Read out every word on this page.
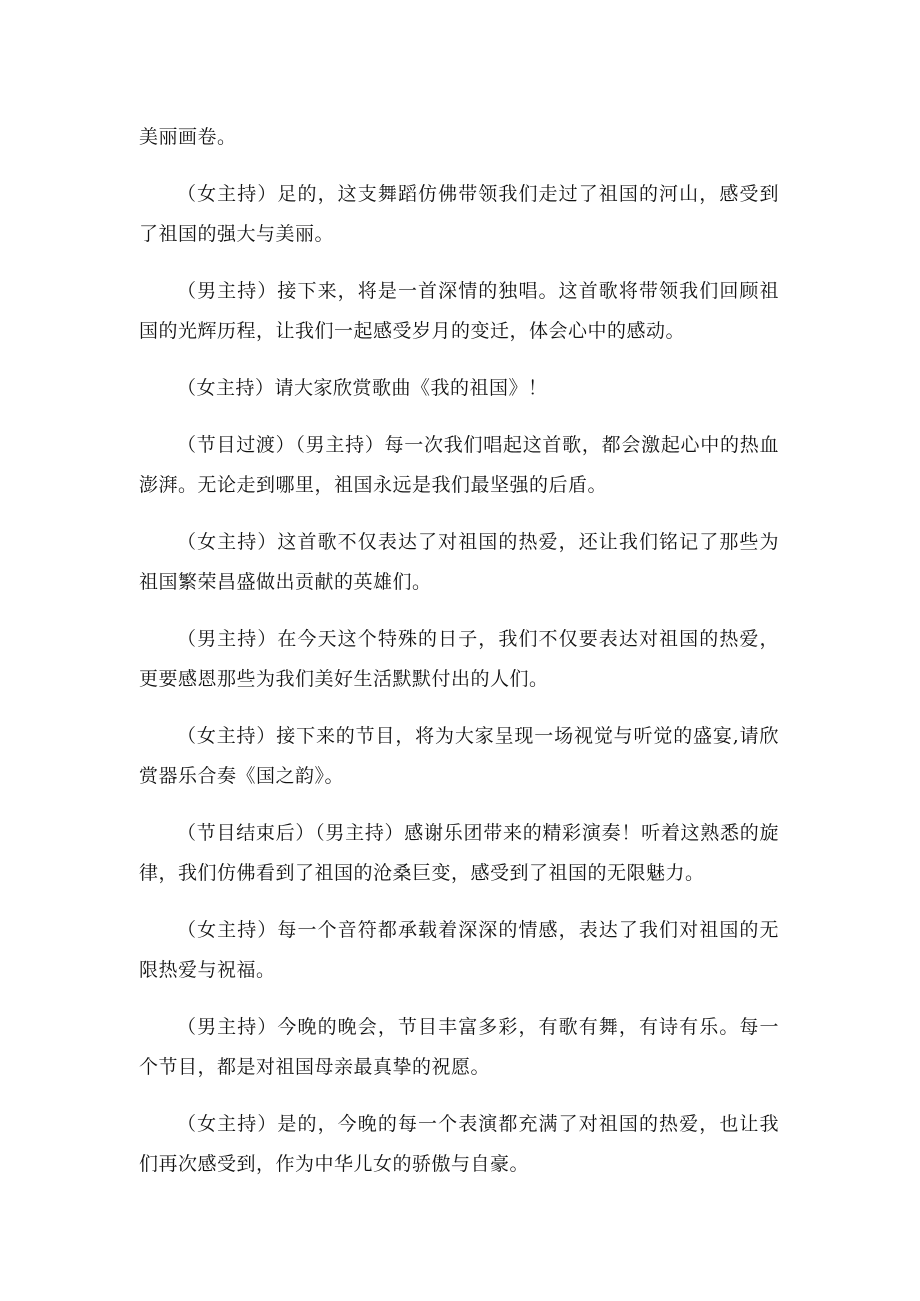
美丽画卷。

（女主持）足的，这支舞蹈仿佛带领我们走过了祖国的河山，感受到了祖国的强大与美丽。

（男主持）接下来，将是一首深情的独唱。这首歌将带领我们回顾祖国的光辉历程，让我们一起感受岁月的变迁，体会心中的感动。

（女主持）请大家欣赏歌曲《我的祖国》！

（节目过渡）（男主持）每一次我们唱起这首歌，都会激起心中的热血澎湃。无论走到哪里，祖国永远是我们最坚强的后盾。

（女主持）这首歌不仅表达了对祖国的热爱，还让我们铭记了那些为祖国繁荣昌盛做出贡献的英雄们。

（男主持）在今天这个特殊的日子，我们不仅要表达对祖国的热爱，更要感恩那些为我们美好生活默默付出的人们。

（女主持）接下来的节目，将为大家呈现一场视觉与听觉的盛宴,请欣赏器乐合奏《国之韵》。

（节目结束后）（男主持）感谢乐团带来的精彩演奏！听着这熟悉的旋律，我们仿佛看到了祖国的沧桑巨变，感受到了祖国的无限魅力。

（女主持）每一个音符都承载着深深的情感，表达了我们对祖国的无限热爱与祝福。

（男主持）今晚的晚会，节目丰富多彩，有歌有舞，有诗有乐。每一个节目，都是对祖国母亲最真挚的祝愿。

（女主持）是的，今晚的每一个表演都充满了对祖国的热爱，也让我们再次感受到，作为中华儿女的骄傲与自豪。
